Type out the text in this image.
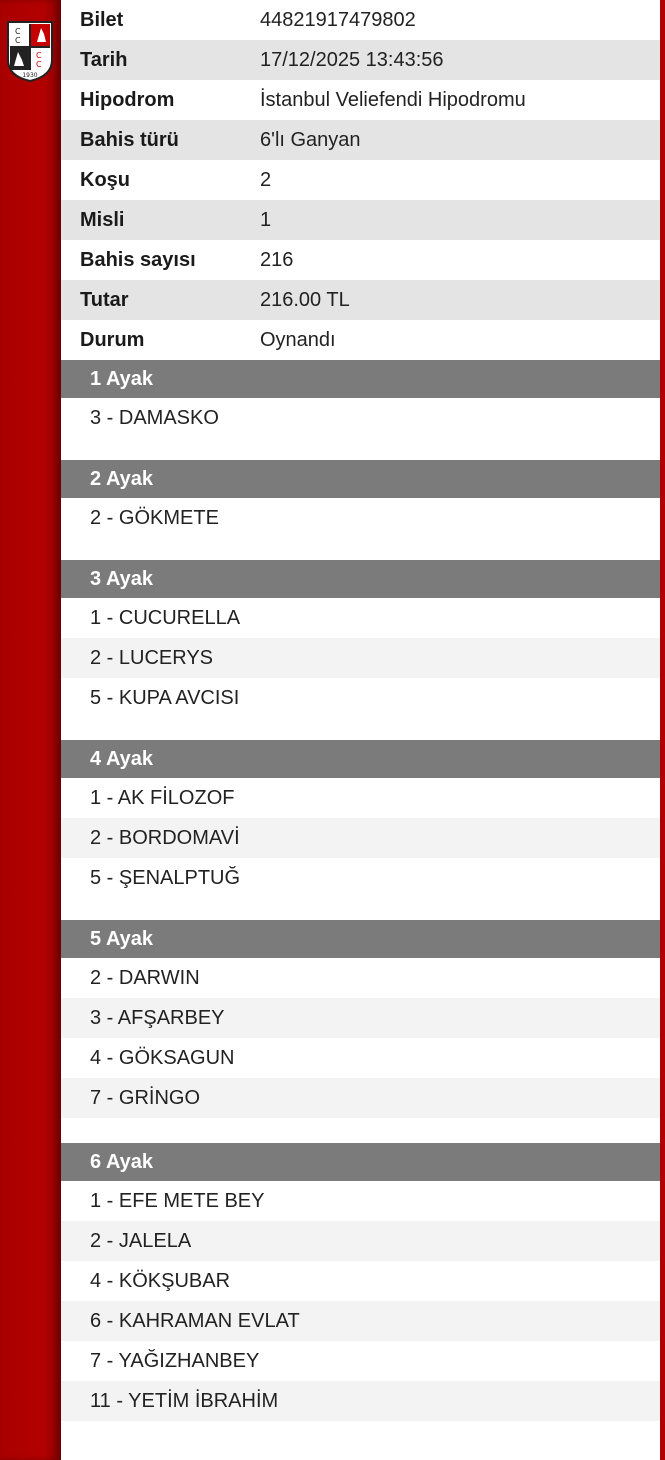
C
C
C
C
1930
Bilet	44821917479802
Tarih	17/12/2025 13:43:56
Hipodrom	İstanbul Veliefendi Hipodromu
Bahis türü	6'lı Ganyan
Koşu	2
Misli	1
Bahis sayısı	216
Tutar	216.00 TL
Durum	Oynandı
1 Ayak
3 - DAMASKO
2 Ayak
2 - GÖKMETE
3 Ayak
1 - CUCURELLA
2 - LUCERYS
5 - KUPA AVCISI
4 Ayak
1 - AK FİLOZOF
2 - BORDOMAVİ
5 - ŞENALPTUĞ
5 Ayak
2 - DARWIN
3 - AFŞARBEY
4 - GÖKSAGUN
7 - GRİNGO
6 Ayak
1 - EFE METE BEY
2 - JALELA
4 - KÖKŞUBAR
6 - KAHRAMAN EVLAT
7 - YAĞIZHANBEY
11 - YETİM İBRAHİM
